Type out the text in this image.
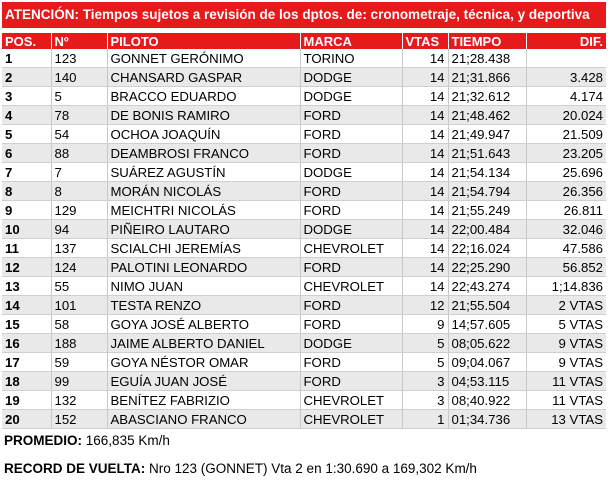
ATENCIÓN: Tiempos sujetos a revisión de los dptos. de: cronometraje, técnica, y deportiva
POS.	Nº	PILOTO	MARCA	VTAS	TIEMPO	DIF.
1	123	GONNET GERÓNIMO	TORINO	14	21;28.438	
2	140	CHANSARD GASPAR	DODGE	14	21;31.866	3.428
3	5	BRACCO EDUARDO	DODGE	14	21;32.612	4.174
4	78	DE BONIS RAMIRO	FORD	14	21;48.462	20.024
5	54	OCHOA JOAQUÍN	FORD	14	21;49.947	21.509
6	88	DEAMBROSI FRANCO	FORD	14	21;51.643	23.205
7	7	SUÁREZ AGUSTÍN	DODGE	14	21;54.134	25.696
8	8	MORÁN NICOLÁS	FORD	14	21;54.794	26.356
9	129	MEICHTRI NICOLÁS	FORD	14	21;55.249	26.811
10	94	PIÑEIRO LAUTARO	DODGE	14	22;00.484	32.046
11	137	SCIALCHI JEREMÍAS	CHEVROLET	14	22;16.024	47.586
12	124	PALOTINI LEONARDO	FORD	14	22;25.290	56.852
13	55	NIMO JUAN	CHEVROLET	14	22;43.274	1;14.836
14	101	TESTA RENZO	FORD	12	21;55.504	2 VTAS
15	58	GOYA JOSÉ ALBERTO	FORD	9	14;57.605	5 VTAS
16	188	JAIME ALBERTO DANIEL	DODGE	5	08;05.622	9 VTAS
17	59	GOYA NÉSTOR OMAR	FORD	5	09;04.067	9 VTAS
18	99	EGUÍA JUAN JOSÉ	FORD	3	04;53.115	11 VTAS
19	132	BENÍTEZ FABRIZIO	CHEVROLET	3	08;40.922	11 VTAS
20	152	ABASCIANO FRANCO	CHEVROLET	1	01;34.736	13 VTAS
PROMEDIO: 166,835 Km/h
RECORD DE VUELTA: Nro 123 (GONNET) Vta 2 en 1:30.690 a 169,302 Km/h
